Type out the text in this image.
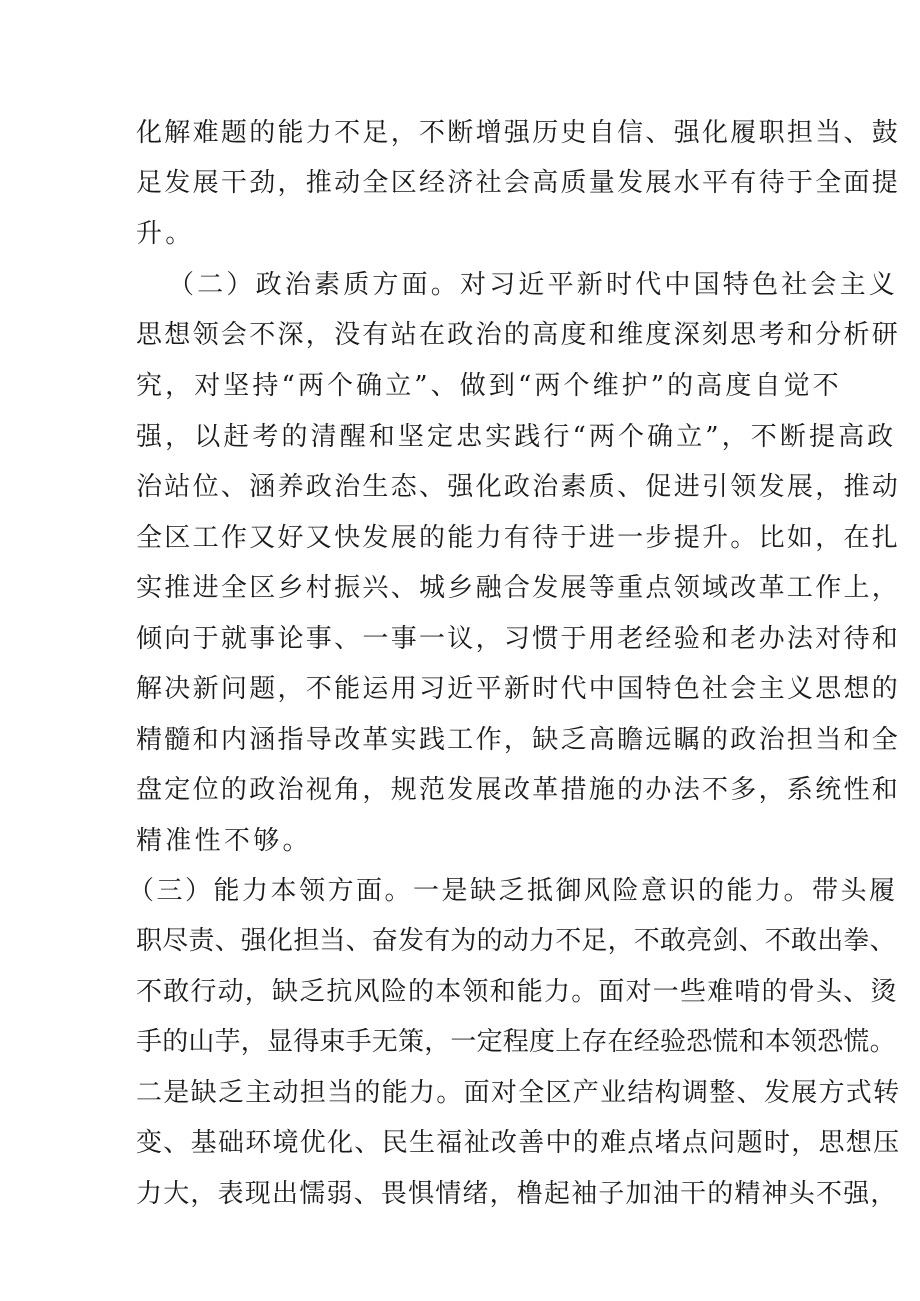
化解难题的能力不足，不断增强历史自信、强化履职担当、鼓
足发展干劲，推动全区经济社会高质量发展水平有待于全面提
升。
（二）政治素质方面。对习近平新时代中国特色社会主义
思想领会不深，没有站在政治的高度和维度深刻思考和分析研
究，对坚持“两个确立”、做到“两个维护”的高度自觉不
强，以赶考的清醒和坚定忠实践行“两个确立”，不断提高政
治站位、涵养政治生态、强化政治素质、促进引领发展，推动
全区工作又好又快发展的能力有待于进一步提升。比如，在扎
实推进全区乡村振兴、城乡融合发展等重点领域改革工作上，
倾向于就事论事、一事一议，习惯于用老经验和老办法对待和
解决新问题，不能运用习近平新时代中国特色社会主义思想的
精髓和内涵指导改革实践工作，缺乏高瞻远瞩的政治担当和全
盘定位的政治视角，规范发展改革措施的办法不多，系统性和
精准性不够。
（三）能力本领方面。一是缺乏抵御风险意识的能力。带头履
职尽责、强化担当、奋发有为的动力不足，不敢亮剑、不敢出拳、
不敢行动，缺乏抗风险的本领和能力。面对一些难啃的骨头、烫
手的山芋，显得束手无策，一定程度上存在经验恐慌和本领恐慌。
二是缺乏主动担当的能力。面对全区产业结构调整、发展方式转
变、基础环境优化、民生福祉改善中的难点堵点问题时，思想压
力大，表现出懦弱、畏惧情绪，橹起袖子加油干的精神头不强，
